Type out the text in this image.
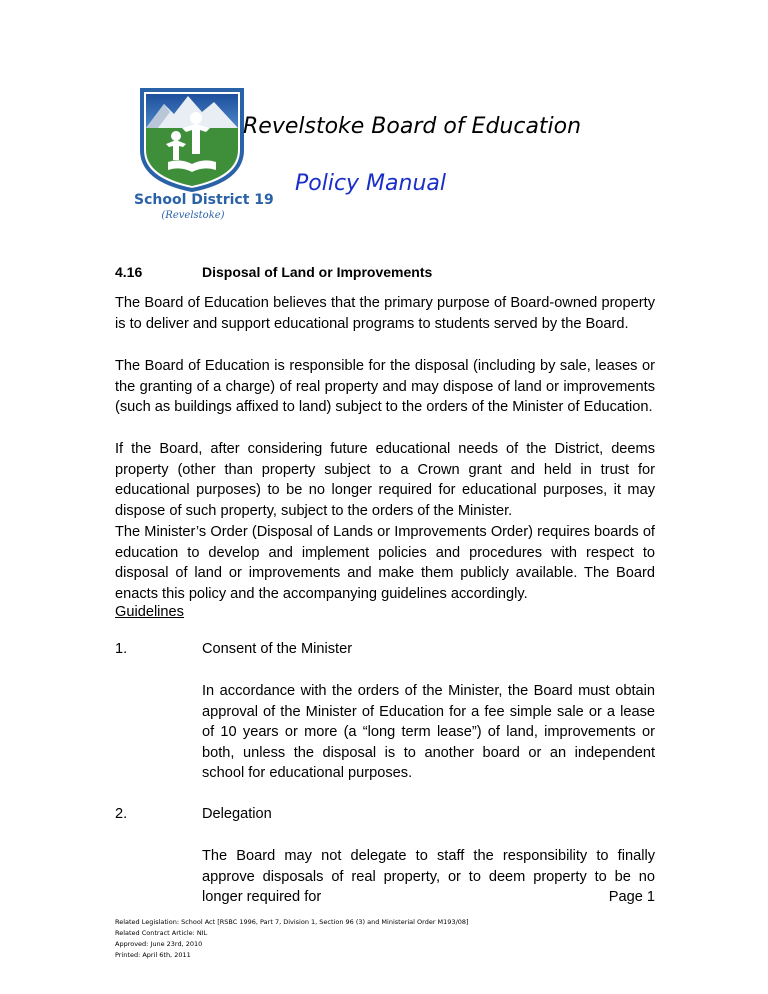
School District 19
(Revelstoke)
Revelstoke Board of Education
Policy Manual
4.16	Disposal of Land or Improvements

The Board of Education believes that the primary purpose of Board-owned property is to deliver and support educational programs to students served by the Board.

The Board of Education is responsible for the disposal (including by sale, leases or the granting of a charge) of real property and may dispose of land or improvements (such as buildings affixed to land) subject to the orders of the Minister of Education.

If the Board, after considering future educational needs of the District, deems property (other than property subject to a Crown grant and held in trust for educational purposes) to be no longer required for educational purposes, it may dispose of such property, subject to the orders of the Minister.

The Minister’s Order (Disposal of Lands or Improvements Order) requires boards of education to develop and implement policies and procedures with respect to disposal of land or improvements and make them publicly available. The Board enacts this policy and the accompanying guidelines accordingly.

Guidelines
1.	Consent of the Minister

In accordance with the orders of the Minister, the Board must obtain approval of the Minister of Education for a fee simple sale or a lease of 10 years or more (a “long term lease”) of land, improvements or both, unless the disposal is to another board or an independent school for educational purposes.

2.	Delegation

The Board may not delegate to staff the responsibility to finally approve disposals of real property, or to deem property to be no longer required for	Page 1
Related Legislation: School Act [RSBC 1996, Part 7, Division 1, Section 96 (3) and Ministerial Order M193/08]
Related Contract Article: NIL
Approved: June 23rd, 2010
Printed: April 6th, 2011
